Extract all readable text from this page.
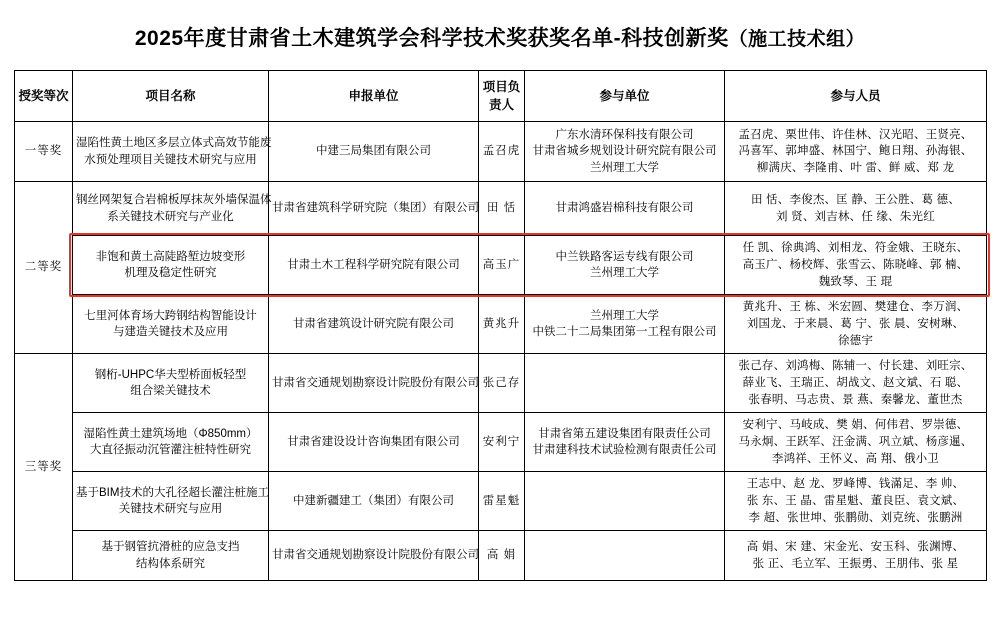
2025年度甘肃省土木建筑学会科学技术奖获奖名单-科技创新奖（施工技术组）
授奖等次	项目名称	申报单位	项目负责人	参与单位	参与人员
一等奖	湿陷性黄土地区多层立体式高效节能废
水预处理项目关键技术研究与应用	中建三局集团有限公司	孟召虎	广东水清环保科技有限公司
甘肃省城乡规划设计研究院有限公司
兰州理工大学	孟召虎、栗世伟、许佳林、汉光昭、王贤亮、
冯喜军、郭坤盛、林国宁、鲍日翔、孙海银、
柳满庆、李隆甫、叶 雷、鲜 威、郑 龙

二等奖	钢丝网架复合岩棉板厚抹灰外墙保温体
系关键技术研究与产业化	甘肃省建筑科学研究院（集团）有限公司	田 恬	甘肃鸿盛岩棉科技有限公司	田 恬、李俊杰、匡 静、王公胜、葛 德、
刘 贤、刘吉林、任 缘、朱光红

	非饱和黄土高陡路堑边坡变形
机理及稳定性研究	甘肃土木工程科学研究院有限公司	高玉广	中兰铁路客运专线有限公司
兰州理工大学	任 凯、徐典鸿、刘相龙、符金娥、王晓东、
高玉广、杨校辉、张雪云、陈晓峰、郭 楠、
魏致琴、王 琨

	七里河体育场大跨钢结构智能设计
与建造关键技术及应用	甘肃省建筑设计研究院有限公司	黄兆升	兰州理工大学
中铁二十二局集团第一工程有限公司	黄兆升、王 栋、米宏圆、樊建仓、李万润、
刘国龙、于来晨、葛 宁、张 晨、安树琳、
徐德宇

三等奖	钢桁-UHPC华夫型桥面板轻型
组合梁关键技术	甘肃省交通规划勘察设计院股份有限公司	张己存		张己存、刘鸿梅、陈辅一、付长建、刘旺宗、
薛业飞、王瑞正、胡战文、赵文斌、石 聪、
张春明、马志贵、景 燕、秦馨龙、董世杰

	湿陷性黄土建筑场地（Φ850mm）
大直径振动沉管灌注桩特性研究	甘肃省建设设计咨询集团有限公司	安利宁	甘肃省第五建设集团有限责任公司
甘肃建科技术试验检测有限责任公司	安利宁、马岐成、樊 娟、何伟君、罗崇德、
马永炯、王跃军、汪金满、巩立斌、杨彦暹、
李鸿祥、王怀义、高 翔、俄小卫

	基于BIM技术的大孔径超长灌注桩施工
关键技术研究与应用	中建新疆建工（集团）有限公司	雷星魁		王志中、赵 龙、罗峰博、钱滿足、李 帅、
张 东、王 晶、雷星魁、董良臣、袁文斌、
李 超、张世坤、张鹏勋、刘克统、张鹏洲

	基于钢管抗滑桩的应急支挡
结构体系研究	甘肃省交通规划勘察设计院股份有限公司	高 娟		高 娟、宋 建、宋金光、安玉科、张渊博、
张 正、毛立军、王振勇、王朋伟、张 星
